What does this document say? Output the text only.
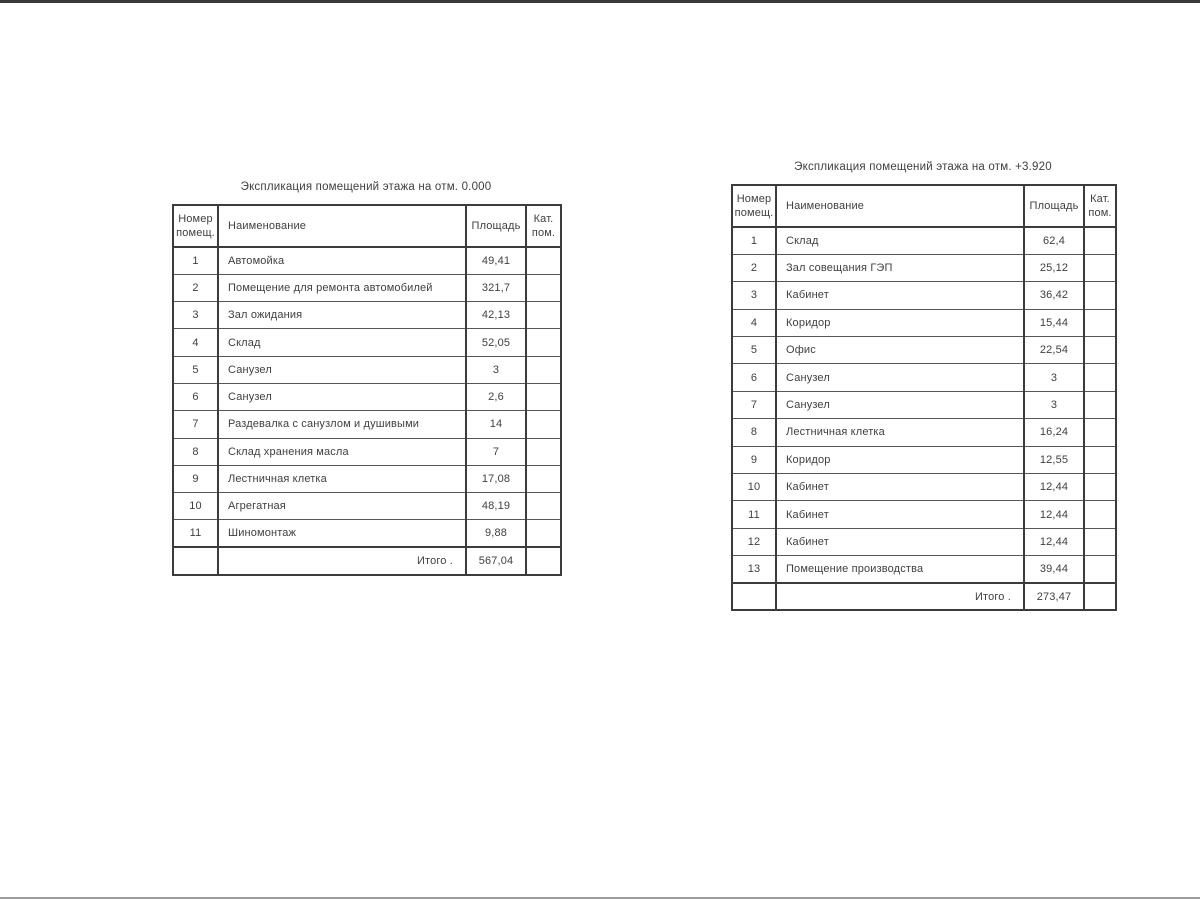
Экспликация помещений этажа на отм. 0.000
Номер помещ.	Наименование	Площадь	Кат. пом.
1	Автомойка	49,41	
2	Помещение для ремонта автомобилей	321,7	
3	Зал ожидания	42,13	
4	Склад	52,05	
5	Санузел	3	
6	Санузел	2,6	
7	Раздевалка с санузлом и душивыми	14	
8	Склад хранения масла	7	
9	Лестничная клетка	17,08	
10	Агрегатная	48,19	
11	Шиномонтаж	9,88	
	Итого .	567,04	
Экспликация помещений этажа на отм. +3.920
Номер помещ.	Наименование	Площадь	Кат. пом.
1	Склад	62,4	
2	Зал совещания ГЭП	25,12	
3	Кабинет	36,42	
4	Коридор	15,44	
5	Офис	22,54	
6	Санузел	3	
7	Санузел	3	
8	Лестничная клетка	16,24	
9	Коридор	12,55	
10	Кабинет	12,44	
11	Кабинет	12,44	
12	Кабинет	12,44	
13	Помещение производства	39,44	
	Итого .	273,47	
